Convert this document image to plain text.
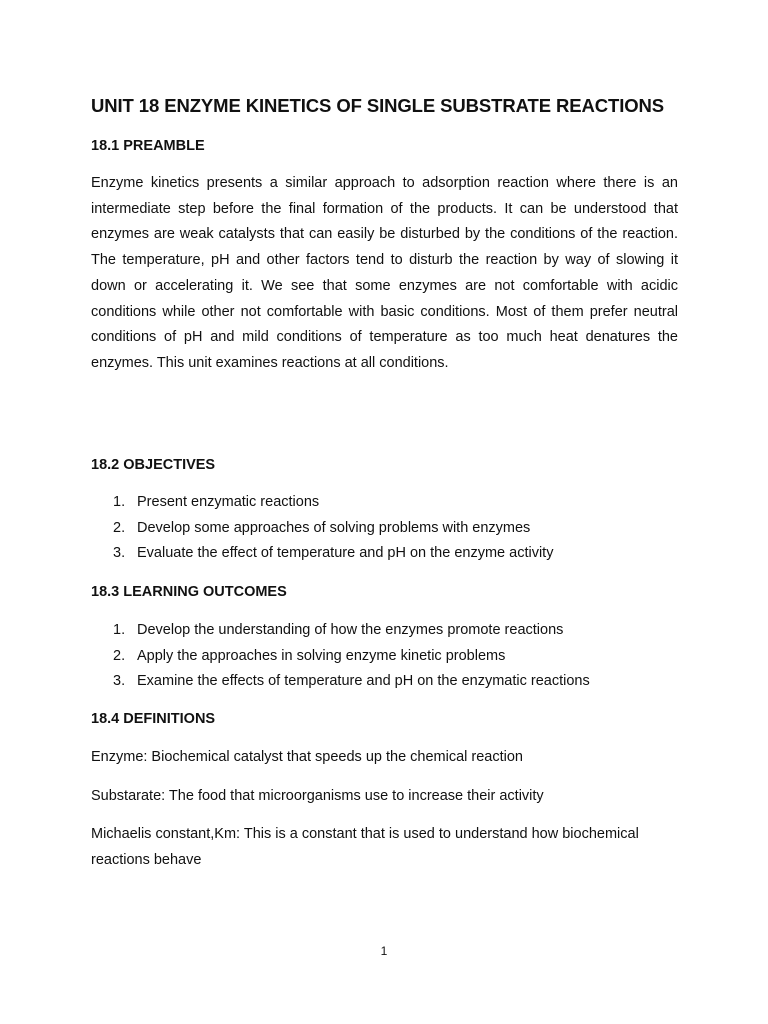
UNIT 18 ENZYME KINETICS OF SINGLE SUBSTRATE REACTIONS
18.1 PREAMBLE
Enzyme kinetics presents a similar approach to adsorption reaction where there is an intermediate step before the final formation of the products. It can be understood that enzymes are weak catalysts that can easily be disturbed by the conditions of the reaction. The temperature, pH and other factors tend to disturb the reaction by way of slowing it down or accelerating it. We see that some enzymes are not comfortable with acidic conditions while other not comfortable with basic conditions. Most of them prefer neutral conditions of pH and mild conditions of temperature as too much heat denatures the enzymes. This unit examines reactions at all conditions.
18.2 OBJECTIVES
1. Present enzymatic reactions
2. Develop some approaches of solving problems with enzymes
3. Evaluate the effect of temperature and pH on the enzyme activity
18.3 LEARNING OUTCOMES
1. Develop the understanding of how the enzymes promote reactions
2. Apply the approaches in solving enzyme kinetic problems
3. Examine the effects of temperature and pH on the enzymatic reactions
18.4 DEFINITIONS
Enzyme: Biochemical catalyst that speeds up the chemical reaction
Substarate: The food that microorganisms use to increase their activity
Michaelis constant,Km: This is a constant that is used to understand how biochemical reactions behave
1
